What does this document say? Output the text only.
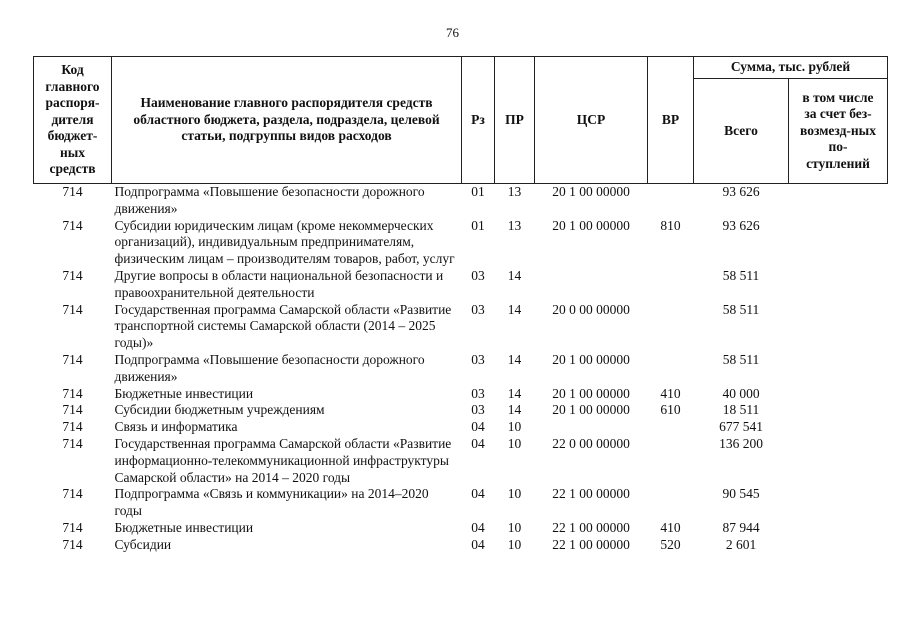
76
Код главного распоря-дителя бюджет-ных средств	Наименование главного распорядителя средств областного бюджета, раздела, подраздела, целевой статьи, подгруппы видов расходов	Рз	ПР	ЦСР	ВР	Сумма, тыс. рублей	
						Всего	в том числе за счет без-возмезд-ных по-ступлений

714	Подпрограмма «Повышение безопасности дорожного движения»	01	13	20 1 00 00000		93 626	
714	Субсидии юридическим лицам (кроме некоммерческих организаций), индивидуальным предпринимателям, физическим лицам – производителям товаров, работ, услуг	01	13	20 1 00 00000	810	93 626	
714	Другие вопросы в области национальной безопасности и правоохранительной деятельности	03	14			58 511	
714	Государственная программа Самарской области «Развитие транспортной системы Самарской области (2014 – 2025 годы)»	03	14	20 0 00 00000		58 511	
714	Подпрограмма «Повышение безопасности дорожного движения»	03	14	20 1 00 00000		58 511	
714	Бюджетные инвестиции	03	14	20 1 00 00000	410	40 000	
714	Субсидии бюджетным учреждениям	03	14	20 1 00 00000	610	18 511	
714	Связь и информатика	04	10			677 541	
714	Государственная программа Самарской области «Развитие информационно-телекоммуникационной инфраструктуры Самарской области» на 2014 – 2020 годы	04	10	22 0 00 00000		136 200	
714	Подпрограмма «Связь и коммуникации» на 2014–2020 годы	04	10	22 1 00 00000		90 545	
714	Бюджетные инвестиции	04	10	22 1 00 00000	410	87 944	
714	Субсидии	04	10	22 1 00 00000	520	2 601	
